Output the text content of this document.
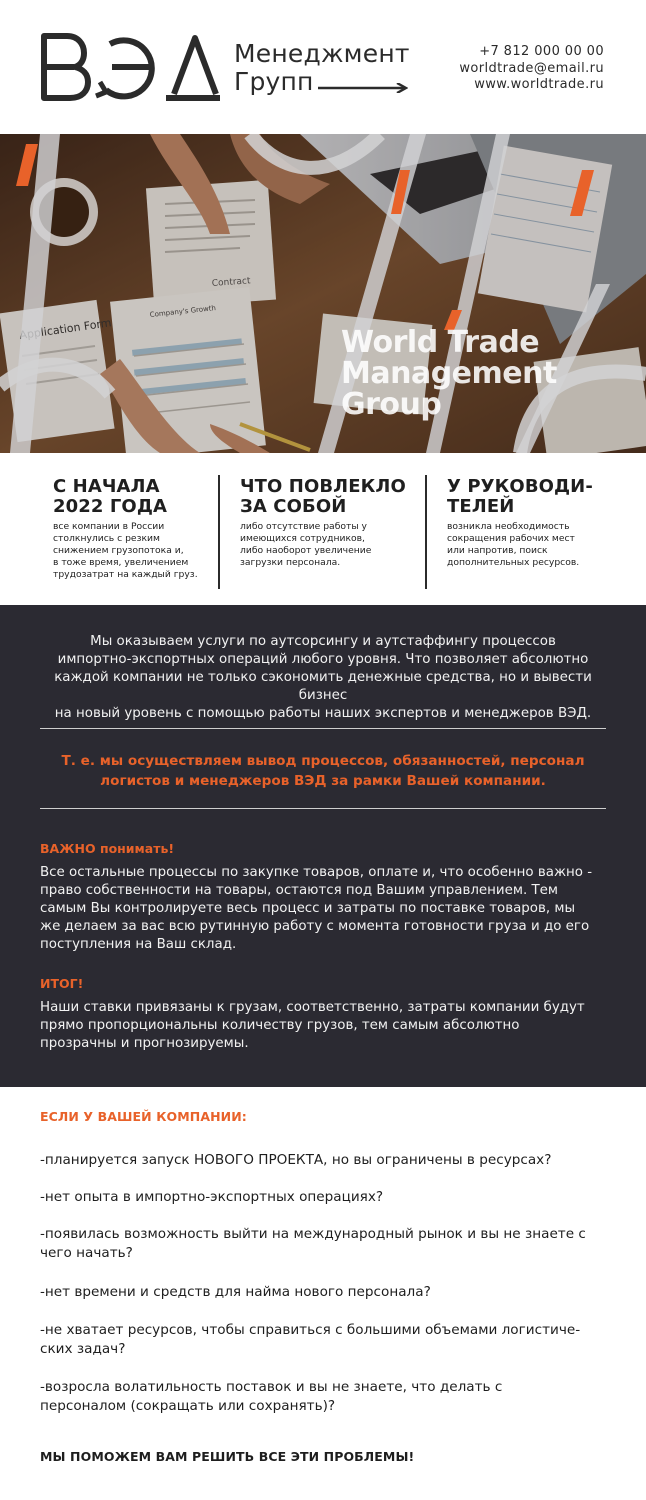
Менеджмент
Групп
+7 812 000 00 00
worldtrade@email.ru
www.worldtrade.ru
World Trade
Management
Group
С НАЧАЛА
2022 ГОДА

все компании в России
столкнулись с резким
снижением грузопотока и,
в тоже время, увеличением
трудозатрат на каждый груз.

ЧТО ПОВЛЕКЛО
ЗА СОБОЙ

либо отсутствие работы у
имеющихся сотрудников,
либо наоборот увеличение
загрузки персонала.

У РУКОВОДИ-
ТЕЛЕЙ

возникла необходимость
сокращения рабочих мест
или напротив, поиск
дополнительных ресурсов.

Мы оказываем услуги по аутсорсингу и аутстаффингу процессов
импортно-экспортных операций любого уровня. Что позволяет абсолютно
каждой компании не только сэкономить денежные средства, но и вывести бизнес
на новый уровень с помощью работы наших экспертов и менеджеров ВЭД.
Т. е. мы осуществляем вывод процессов, обязанностей, персонал
логистов и менеджеров ВЭД за рамки Вашей компании.
ВАЖНО понимать!
Все остальные процессы по закупке товаров, оплате и, что особенно важно -
право собственности на товары, остаются под Вашим управлением. Тем
самым Вы контролируете весь процесс и затраты по поставке товаров, мы
же делаем за вас всю рутинную работу с момента готовности груза и до его
поступления на Ваш склад.
ИТОГ!
Наши ставки привязаны к грузам, соответственно, затраты компании будут
прямо пропорциональны количеству грузов, тем самым абсолютно
прозрачны и прогнозируемы.
ЕСЛИ У ВАШЕЙ КОМПАНИИ:
-планируется запуск НОВОГО ПРОЕКТА, но вы ограничены в ресурсах?
-нет опыта в импортно-экспортных операциях?
-появилась возможность выйти на международный рынок и вы не знаете с
чего начать?
-нет времени и средств для найма нового персонала?
-не хватает ресурсов, чтобы справиться с большими объемами логистиче-
ских задач?
-возросла волатильность поставок и вы не знаете, что делать с
персоналом (сокращать или сохранять)?
МЫ ПОМОЖЕМ ВАМ РЕШИТЬ ВСЕ ЭТИ ПРОБЛЕМЫ!
